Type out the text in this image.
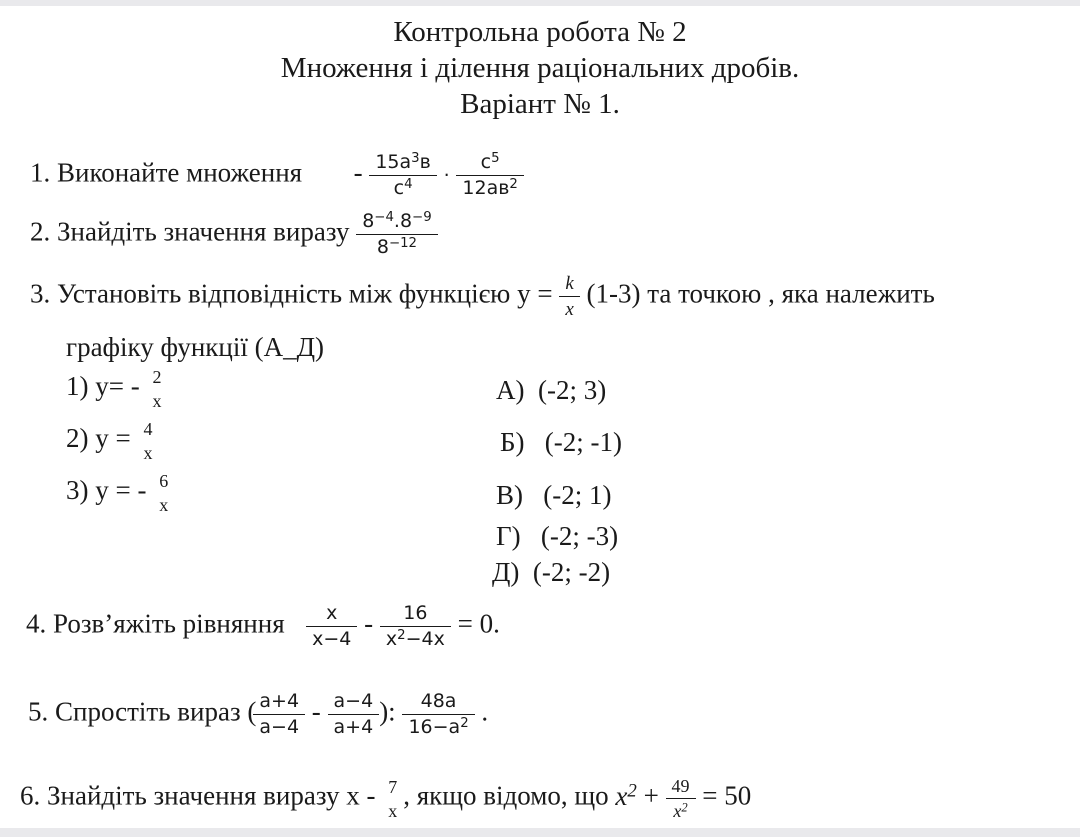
Контрольна робота № 2
Множення і ділення раціональних дробів.
Варіант № 1.
1. Виконайте множення - $\frac{15a^3в}{c^4} \cdot \frac{c^5}{12ав^2}$
2. Знайдіть значення виразу $\frac{8^{-4}.8^{-9}}{8^{-12}}$
3. Установіть відповідність між функцією $у = \frac{k}{x} (1-3)$ та точкою , яка належить
графіку функції (А_Д)
1) y= - 2
x
2) y = 4
x
3) y = - 6
x
А) (-2; 3)
Б) (-2; -1)
В) (-2; 1)
Г) (-2; -3)
Д) (-2; -2)
4. Розв’яжіть рівняння $\frac{x}{x-4} - \frac{16}{x^2-4x} = 0$.
5. Спростіть вираз ( $\frac{a+4}{a-4} - \frac{a-4}{a+4}$ ): $\frac{48a}{16-a^2}$ .
6. Знайдіть значення виразу x - 7
x , якщо відомо, що $x^2 + \frac{49}{x^2} = 50$
